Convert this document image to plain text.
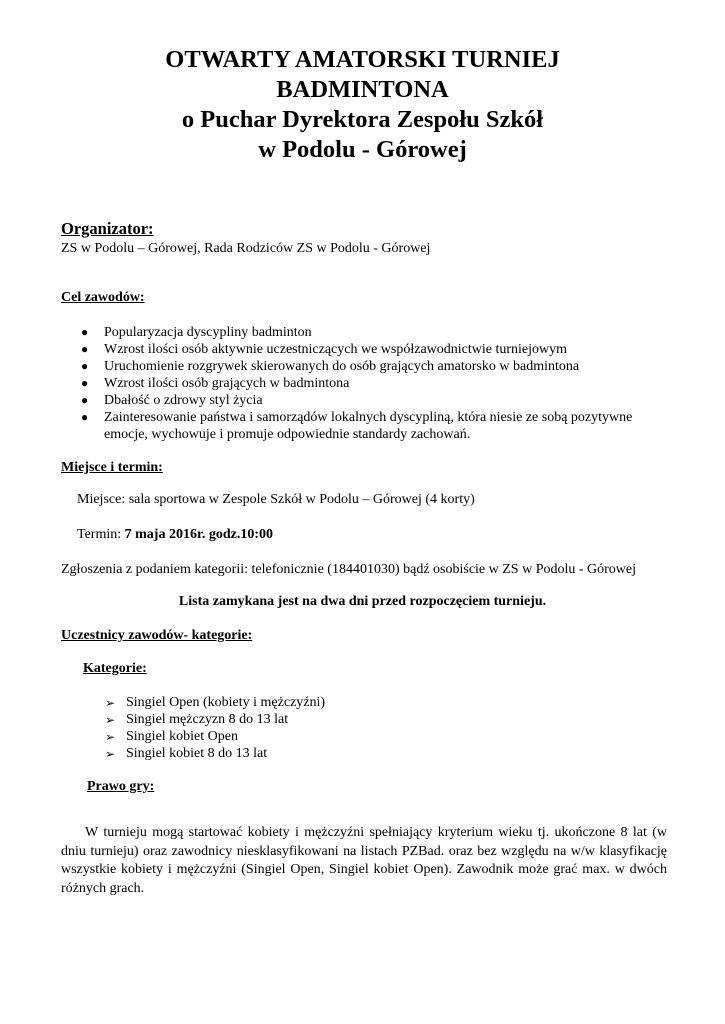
OTWARTY AMATORSKI TURNIEJ
BADMINTONA
o Puchar Dyrektora Zespołu Szkół
w Podolu - Górowej
Organizator:
ZS w Podolu – Górowej, Rada Rodziców ZS w Podolu - Górowej
Cel zawodów:
● Popularyzacja dyscypliny badminton
● Wzrost ilości osób aktywnie uczestniczących we współzawodnictwie turniejowym
● Uruchomienie rozgrywek skierowanych do osób grających amatorsko w badmintona
● Wzrost ilości osób grających w badmintona
● Dbałość o zdrowy styl życia
● Zainteresowanie państwa i samorządów lokalnych dyscypliną, która niesie ze sobą pozytywne emocje, wychowuje i promuje odpowiednie standardy zachowań.
Miejsce i termin:
Miejsce: sala sportowa w Zespole Szkół w Podolu – Górowej (4 korty)
Termin: 7 maja 2016r. godz.10:00
Zgłoszenia z podaniem kategorii: telefonicznie (184401030) bądź osobiście w ZS w Podolu - Górowej
Lista zamykana jest na dwa dni przed rozpoczęciem turnieju.
Uczestnicy zawodów- kategorie:
Kategorie:
➢ Singiel Open (kobiety i mężczyźni)
➢ Singiel mężczyzn 8 do 13 lat
➢ Singiel kobiet Open
➢ Singiel kobiet 8 do 13 lat
Prawo gry:
W turnieju mogą startować kobiety i mężczyźni spełniający kryterium wieku tj. ukończone 8 lat (w dniu turnieju) oraz zawodnicy niesklasyfikowani na listach PZBad. oraz bez względu na w/w klasyfikację wszystkie kobiety i mężczyźni (Singiel Open, Singiel kobiet Open). Zawodnik może grać max. w dwóch różnych grach.
